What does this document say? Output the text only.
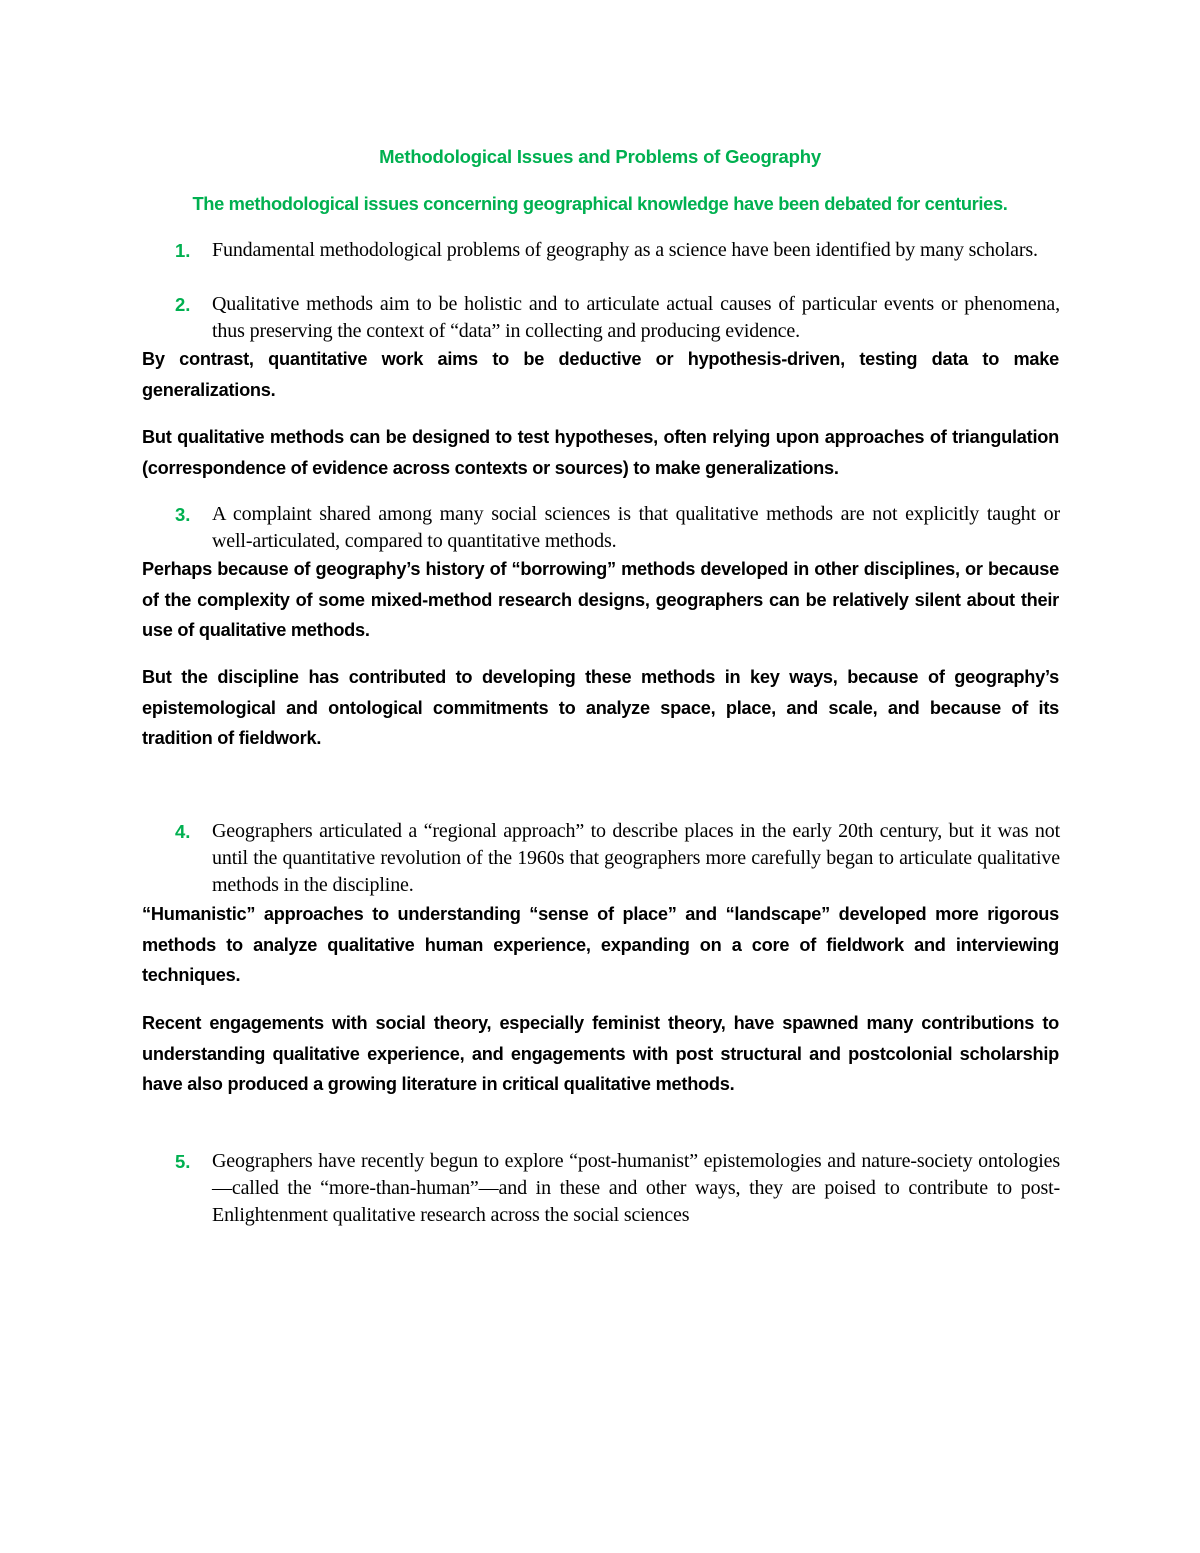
Methodological Issues and Problems of Geography
The methodological issues concerning geographical knowledge have been debated for centuries.
1. Fundamental methodological problems of geography as a science have been identified by many scholars.
2. Qualitative methods aim to be holistic and to articulate actual causes of particular events or phenomena, thus preserving the context of “data” in collecting and producing evidence.
By contrast, quantitative work aims to be deductive or hypothesis-driven, testing data to make generalizations.
But qualitative methods can be designed to test hypotheses, often relying upon approaches of triangulation (correspondence of evidence across contexts or sources) to make generalizations.
3. A complaint shared among many social sciences is that qualitative methods are not explicitly taught or well-articulated, compared to quantitative methods.
Perhaps because of geography’s history of “borrowing” methods developed in other disciplines, or because of the complexity of some mixed-method research designs, geographers can be relatively silent about their use of qualitative methods.
But the discipline has contributed to developing these methods in key ways, because of geography’s epistemological and ontological commitments to analyze space, place, and scale, and because of its tradition of fieldwork.
4. Geographers articulated a “regional approach” to describe places in the early 20th century, but it was not until the quantitative revolution of the 1960s that geographers more carefully began to articulate qualitative methods in the discipline.
“Humanistic” approaches to understanding “sense of place” and “landscape” developed more rigorous methods to analyze qualitative human experience, expanding on a core of fieldwork and interviewing techniques.
Recent engagements with social theory, especially feminist theory, have spawned many contributions to understanding qualitative experience, and engagements with post structural and postcolonial scholarship have also produced a growing literature in critical qualitative methods.
5. Geographers have recently begun to explore “post-humanist” epistemologies and nature-society ontologies—called the “more-than-human”—and in these and other ways, they are poised to contribute to post-Enlightenment qualitative research across the social sciences
